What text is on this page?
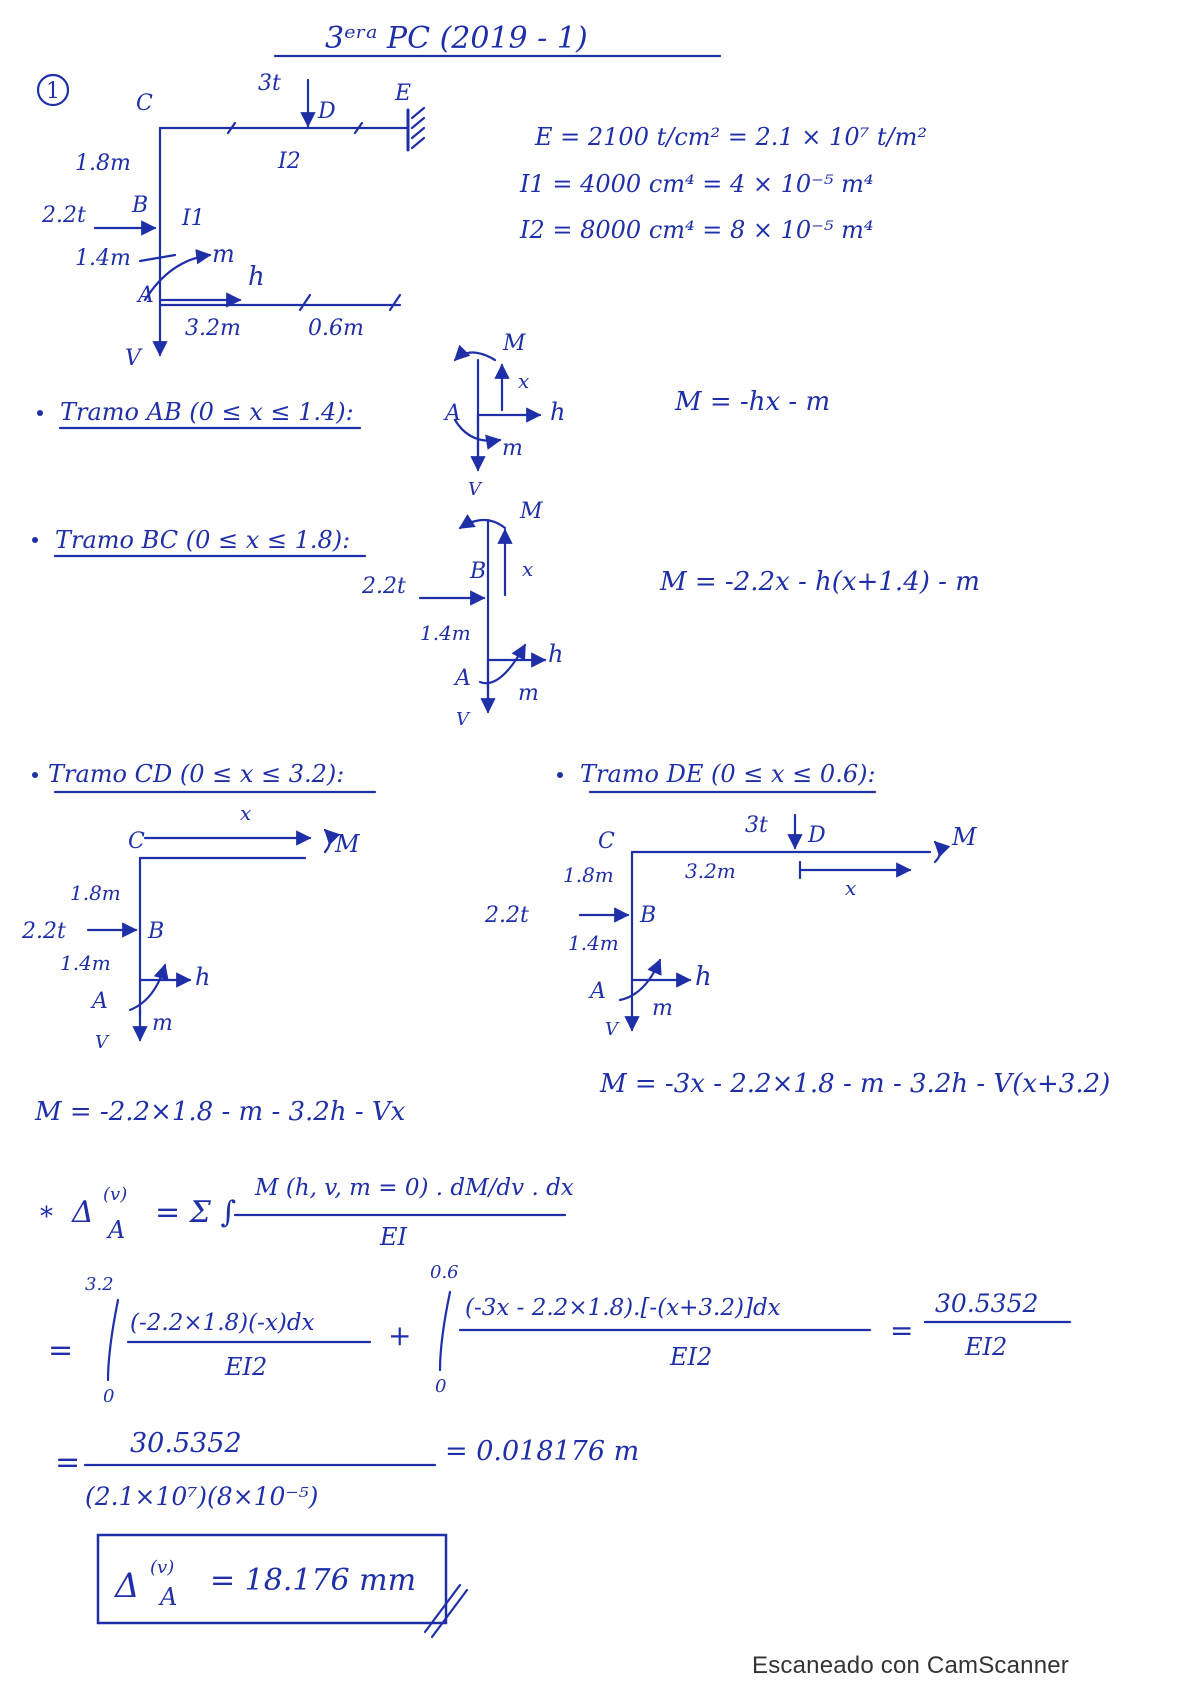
3ᵉʳᵃ PC (2019 - 1)
1	C	D
E
B
A
3t
2.2t	I1
I2
1.8m
1.4m
3.2m	0.6m
V
m
h
E = 2100 t/cm² = 2.1 × 10⁷ t/m²
I1 = 4000 cm⁴ = 4 × 10⁻⁵ m⁴
I2 = 8000 cm⁴ = 8 × 10⁻⁵ m⁴
Tramo AB (0 ≤ x ≤ 1.4):
M
x
A	h
m
V
M = -hx - m
Tramo BC (0 ≤ x ≤ 1.8):
M
x
B
2.2t
1.4m
A
h
m
V
M = -2.2x - h(x+1.4) - m
Tramo CD (0 ≤ x ≤ 3.2):
x
C	M
1.8m
2.2t	B
1.4m	h
A
m
V
M = -2.2×1.8 - m - 3.2h - Vx
Tramo DE (0 ≤ x ≤ 0.6):
C
3t D	M
3.2m
x
1.8m
2.2t	B
1.4m
h
A
m
V
M = -3x - 2.2×1.8 - m - 3.2h - V(x+3.2)
* Δ
(v)
A = Σ ∫
M (h, v, m = 0) . dM/dv . dx
EI
=
3.2
0
(-2.2×1.8)(-x)dx
EI2
+
0.6
0
(-3x - 2.2×1.8).[-(x+3.2)]dx
EI2
=
30.5352
EI2
=
30.5352
(2.1×10⁷)(8×10⁻⁵)
= 0.018176 m
Δ (v)
A = 18.176 mm
Escaneado con CamScanner
